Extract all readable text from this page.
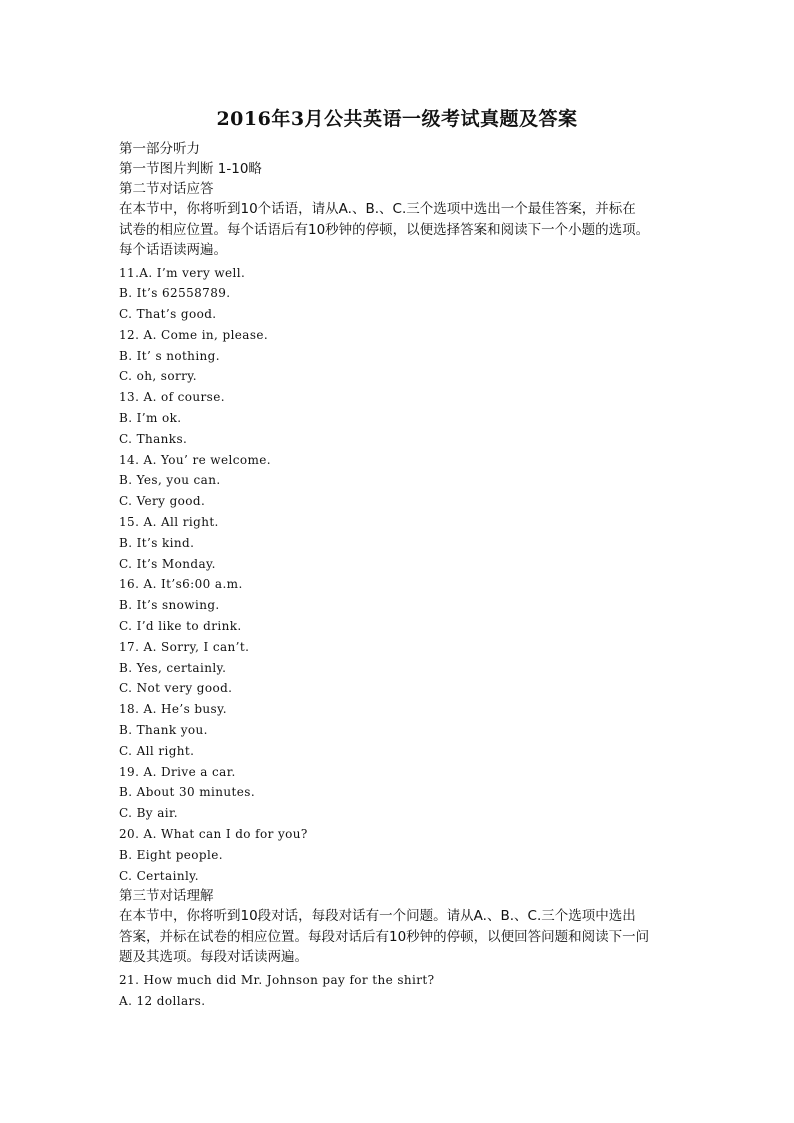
2016年3月公共英语一级考试真题及答案
第一部分听力
第一节图片判断 1-10略
第二节对话应答
在本节中，你将听到10个话语，请从A.、B.、C.三个选项中选出一个最佳答案，并标在
试卷的相应位置。每个话语后有10秒钟的停顿，以便选择答案和阅读下一个小题的选项。
每个话语读两遍。
11.A. I’m very well.
B. It’s 62558789.
C. That’s good.
12. A. Come in, please.
B. It’ s nothing.
C. oh, sorry.
13. A. of course.
B. I’m ok.
C. Thanks.
14. A. You’ re welcome.
B. Yes, you can.
C. Very good.
15. A. All right.
B. It’s kind.
C. It’s Monday.
16. A. It’s6:00 a.m.
B. It’s snowing.
C. I’d like to drink.
17. A. Sorry, I can’t.
B. Yes, certainly.
C. Not very good.
18. A. He’s busy.
B. Thank you.
C. All right.
19. A. Drive a car.
B. About 30 minutes.
C. By air.
20. A. What can I do for you?
B. Eight people.
C. Certainly.
第三节对话理解
在本节中，你将听到10段对话，每段对话有一个问题。请从A.、B.、C.三个选项中选出
答案，并标在试卷的相应位置。每段对话后有10秒钟的停顿，以便回答问题和阅读下一问
题及其选项。每段对话读两遍。
21. How much did Mr. Johnson pay for the shirt?
A. 12 dollars.
